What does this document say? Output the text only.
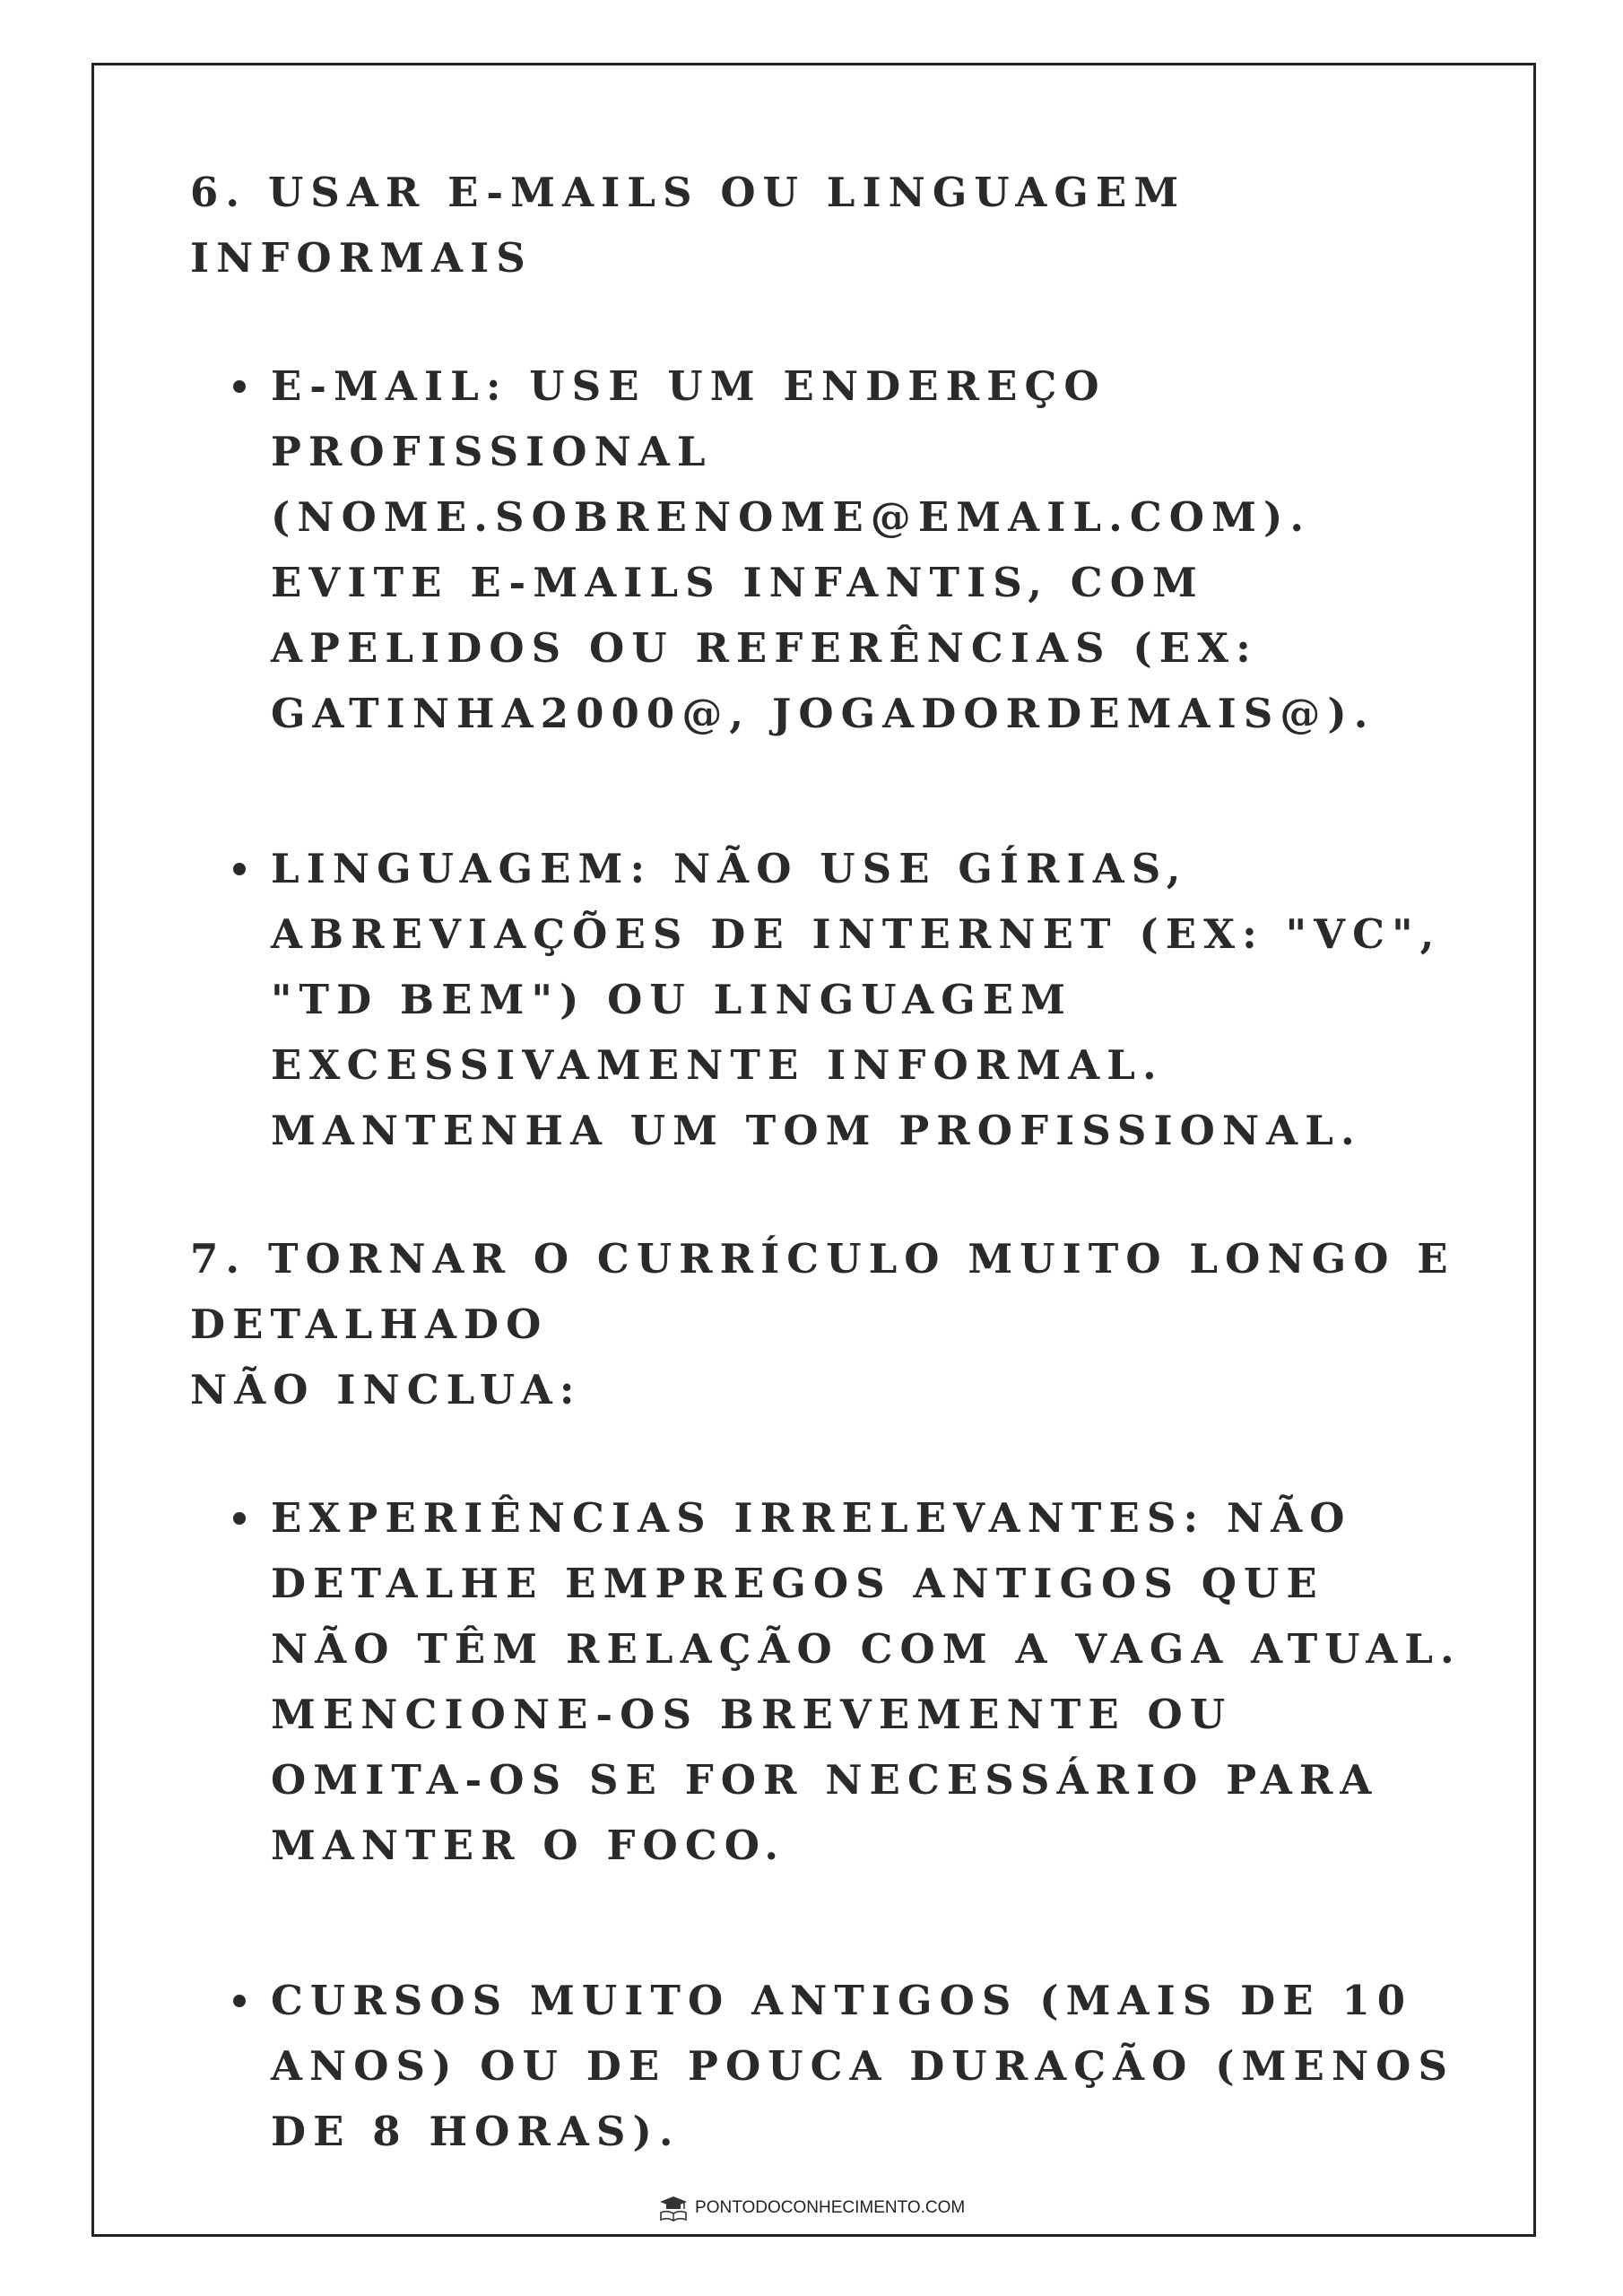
6. USAR E-MAILS OU LINGUAGEM INFORMAIS
E-MAIL: USE UM ENDEREÇO PROFISSIONAL (NOME.SOBRENOME@EMAIL.COM). EVITE E-MAILS INFANTIS, COM APELIDOS OU REFERÊNCIAS (EX: GATINHA2000@, JOGADORDEMAIS@).
LINGUAGEM: NÃO USE GÍRIAS, ABREVIAÇÕES DE INTERNET (EX: "VC", "TD BEM") OU LINGUAGEM EXCESSIVAMENTE INFORMAL. MANTENHA UM TOM PROFISSIONAL.
7. TORNAR O CURRÍCULO MUITO LONGO E DETALHADO

NÃO INCLUA:

EXPERIÊNCIAS IRRELEVANTES: NÃO DETALHE EMPREGOS ANTIGOS QUE NÃO TÊM RELAÇÃO COM A VAGA ATUAL. MENCIONE-OS BREVEMENTE OU OMITA-OS SE FOR NECESSÁRIO PARA MANTER O FOCO.
CURSOS MUITO ANTIGOS (MAIS DE 10 ANOS) OU DE POUCA DURAÇÃO (MENOS DE 8 HORAS).
PONTODOCONHECIMENTO.COM
